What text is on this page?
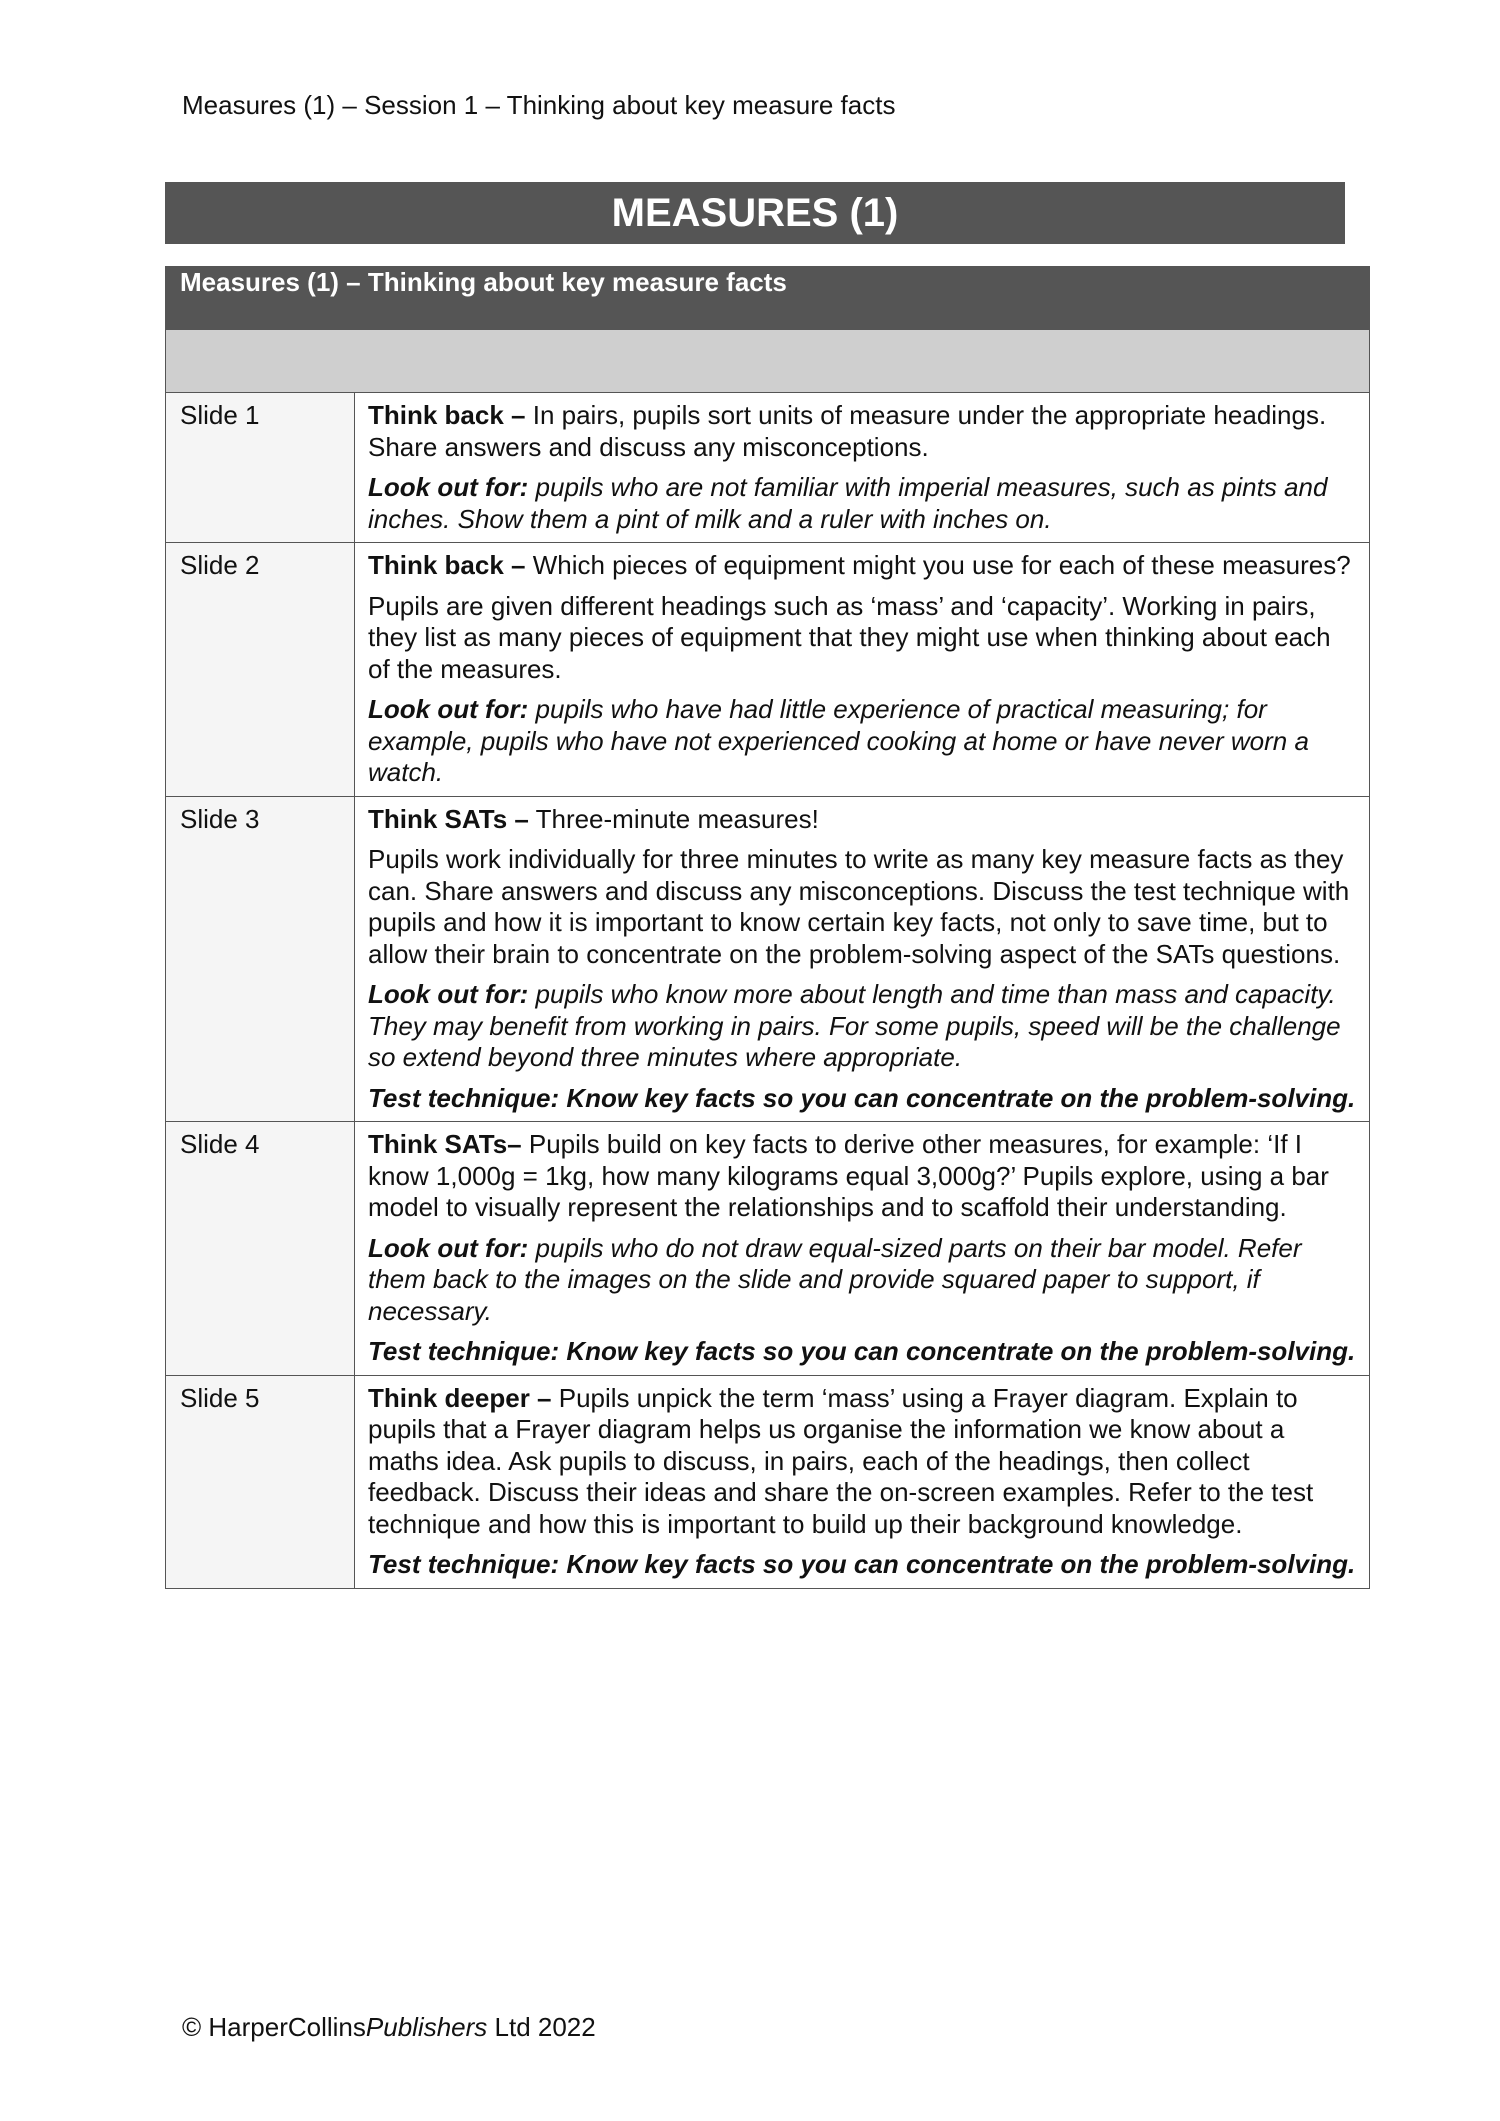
Measures (1) – Session 1 – Thinking about key measure facts
MEASURES (1)
Measures (1) – Thinking about key measure facts	

Slide 1	Think back – In pairs, pupils sort units of measure under the appropriate headings. Share answers and discuss any misconceptions.

Look out for: pupils who are not familiar with imperial measures, such as pints and inches. Show them a pint of milk and a ruler with inches on.

Slide 2	Think back – Which pieces of equipment might you use for each of these measures?

Pupils are given different headings such as ‘mass’ and ‘capacity’. Working in pairs, they list as many pieces of equipment that they might use when thinking about each of the measures.

Look out for: pupils who have had little experience of practical measuring; for example, pupils who have not experienced cooking at home or have never worn a watch.

Slide 3	Think SATs – Three-minute measures!

Pupils work individually for three minutes to write as many key measure facts as they can. Share answers and discuss any misconceptions. Discuss the test technique with pupils and how it is important to know certain key facts, not only to save time, but to allow their brain to concentrate on the problem-solving aspect of the SATs questions.

Look out for: pupils who know more about length and time than mass and capacity. They may benefit from working in pairs. For some pupils, speed will be the challenge so extend beyond three minutes where appropriate.

Test technique: Know key facts so you can concentrate on the problem-solving.

Slide 4	Think SATs– Pupils build on key facts to derive other measures, for example: ‘If I know 1,000g = 1kg, how many kilograms equal 3,000g?’ Pupils explore, using a bar model to visually represent the relationships and to scaffold their understanding.

Look out for: pupils who do not draw equal-sized parts on their bar model. Refer them back to the images on the slide and provide squared paper to support, if necessary.

Test technique: Know key facts so you can concentrate on the problem-solving.

Slide 5	Think deeper – Pupils unpick the term ‘mass’ using a Frayer diagram. Explain to pupils that a Frayer diagram helps us organise the information we know about a maths idea. Ask pupils to discuss, in pairs, each of the headings, then collect feedback. Discuss their ideas and share the on-screen examples. Refer to the test technique and how this is important to build up their background knowledge.

Test technique: Know key facts so you can concentrate on the problem-solving.

© HarperCollinsPublishers Ltd 2022
